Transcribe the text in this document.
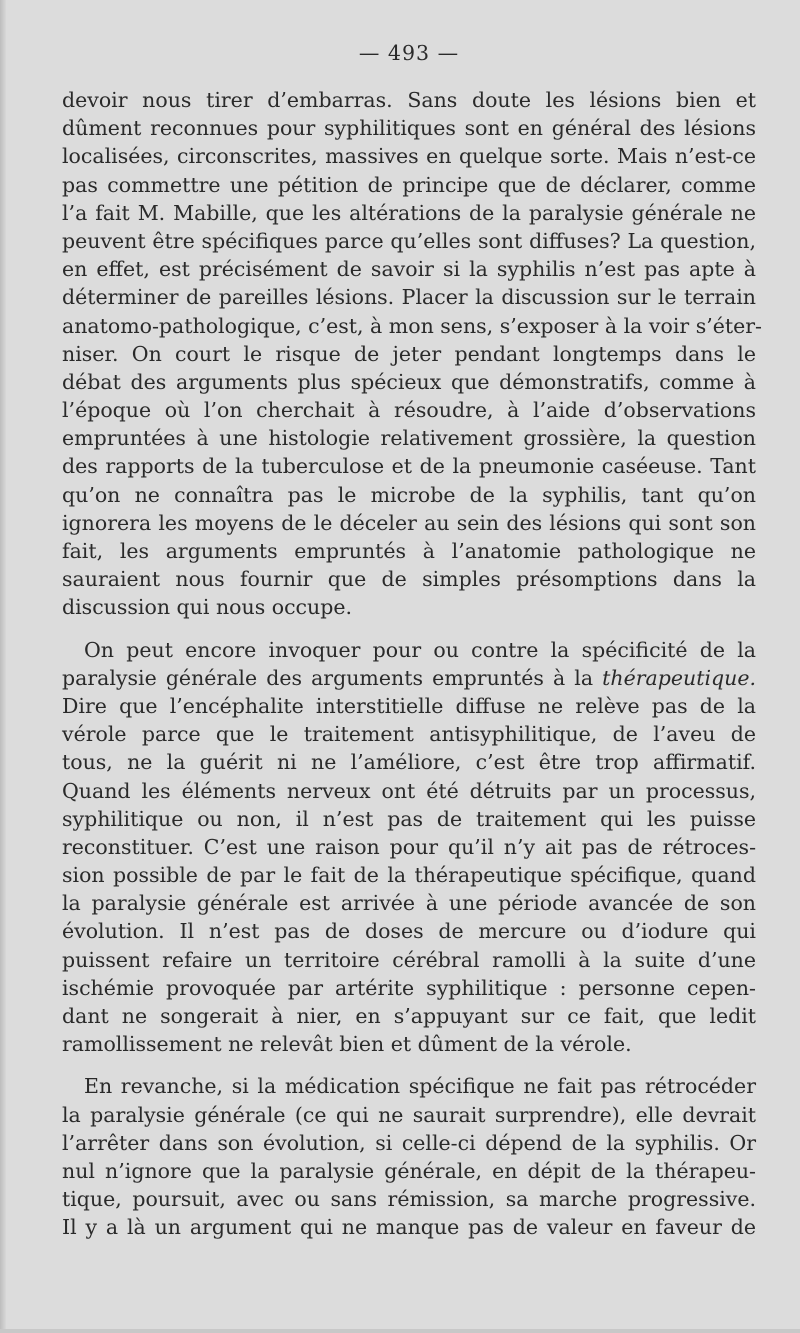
— 493 —
devoir nous tirer d’embarras. Sans doute les lésions bien et
dûment reconnues pour syphilitiques sont en général des lésions
localisées, circonscrites, massives en quelque sorte. Mais n’est-ce
pas commettre une pétition de principe que de déclarer, comme
l’a fait M. Mabille, que les altérations de la paralysie générale ne
peuvent être spécifiques parce qu’elles sont diffuses? La question,
en effet, est précisément de savoir si la syphilis n’est pas apte à
déterminer de pareilles lésions. Placer la discussion sur le terrain
anatomo-pathologique, c’est, à mon sens, s’exposer à la voir s’éter-
niser. On court le risque de jeter pendant longtemps dans le
débat des arguments plus spécieux que démonstratifs, comme à
l’époque où l’on cherchait à résoudre, à l’aide d’observations
empruntées à une histologie relativement grossière, la question
des rapports de la tuberculose et de la pneumonie caséeuse. Tant
qu’on ne connaîtra pas le microbe de la syphilis, tant qu’on
ignorera les moyens de le déceler au sein des lésions qui sont son
fait, les arguments empruntés à l’anatomie pathologique ne
sauraient nous fournir que de simples présomptions dans la
discussion qui nous occupe.
On peut encore invoquer pour ou contre la spécificité de la
paralysie générale des arguments empruntés à la thérapeutique.
Dire que l’encéphalite interstitielle diffuse ne relève pas de la
vérole parce que le traitement antisyphilitique, de l’aveu de
tous, ne la guérit ni ne l’améliore, c’est être trop affirmatif.
Quand les éléments nerveux ont été détruits par un processus,
syphilitique ou non, il n’est pas de traitement qui les puisse
reconstituer. C’est une raison pour qu’il n’y ait pas de rétroces-
sion possible de par le fait de la thérapeutique spécifique, quand
la paralysie générale est arrivée à une période avancée de son
évolution. Il n’est pas de doses de mercure ou d’iodure qui
puissent refaire un territoire cérébral ramolli à la suite d’une
ischémie provoquée par artérite syphilitique : personne cepen-
dant ne songerait à nier, en s’appuyant sur ce fait, que ledit
ramollissement ne relevât bien et dûment de la vérole.
En revanche, si la médication spécifique ne fait pas rétrocéder
la paralysie générale (ce qui ne saurait surprendre), elle devrait
l’arrêter dans son évolution, si celle-ci dépend de la syphilis. Or
nul n’ignore que la paralysie générale, en dépit de la thérapeu-
tique, poursuit, avec ou sans rémission, sa marche progressive.
Il y a là un argument qui ne manque pas de valeur en faveur de
